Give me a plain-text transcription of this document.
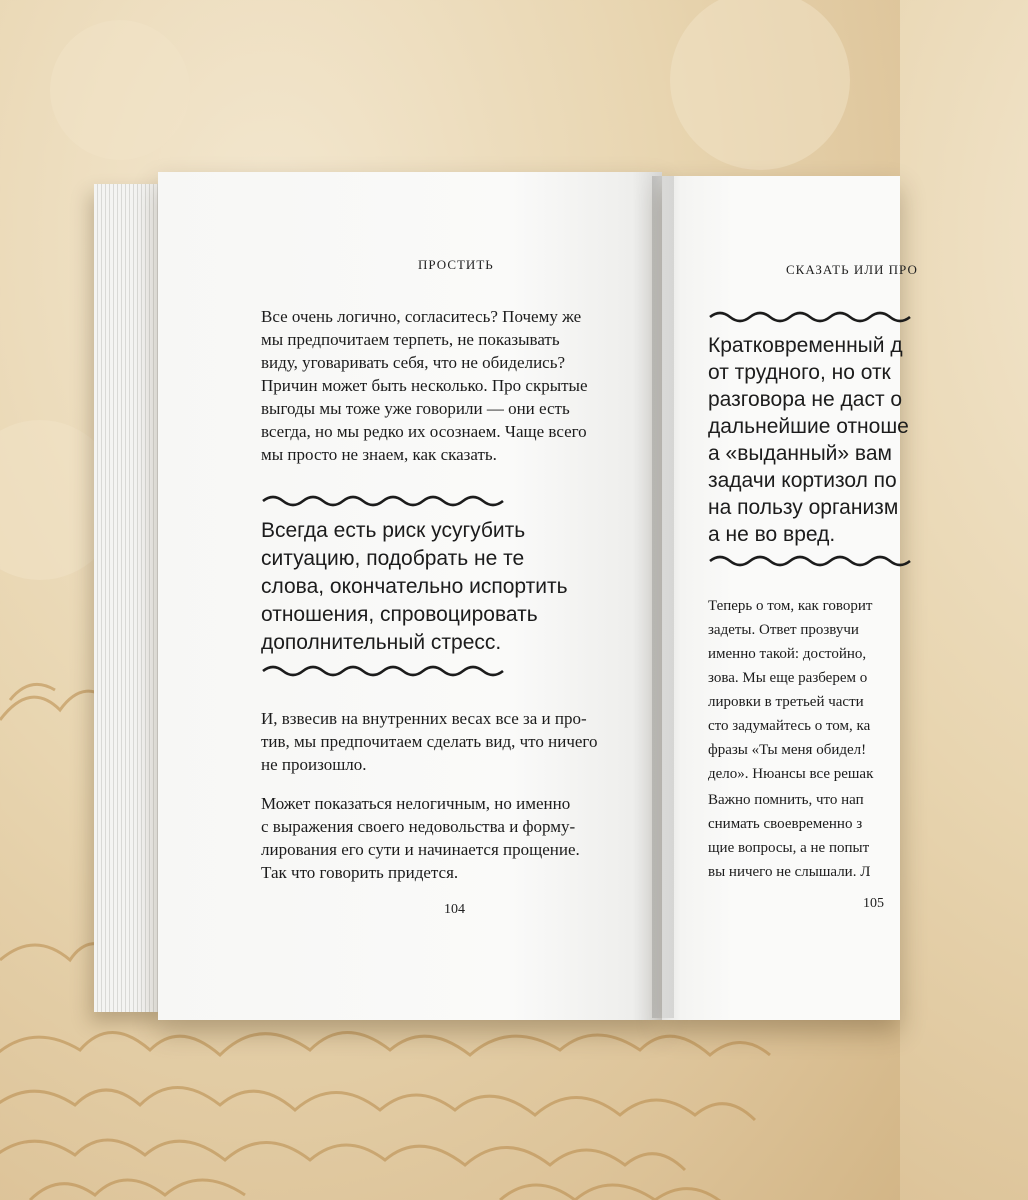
ПРОСТИТЬ
Все очень логично, согласитесь? Почему же
мы предпочитаем терпеть, не показывать
виду, уговаривать себя, что не обиделись?
Причин может быть несколько. Про скрытые
выгоды мы тоже уже говорили — они есть
всегда, но мы редко их осознаем. Чаще всего
мы просто не знаем, как сказать.
Всегда есть риск усугубить
ситуацию, подобрать не те
слова, окончательно испортить
отношения, спровоцировать
дополнительный стресс.
И, взвесив на внутренних весах все за и про-
тив, мы предпочитаем сделать вид, что ничего
не произошло.
Может показаться нелогичным, но именно
с выражения своего недовольства и форму-
лирования его сути и начинается прощение.
Так что говорить придется.
104
СКАЗАТЬ ИЛИ ПРО
Кратковременный д
от трудного, но отк
разговора не даст о
дальнейшие отноше
а «выданный» вам
задачи кортизол по
на пользу организм
а не во вред.
Теперь о том, как говорит
задеты. Ответ прозвучи
именно такой: достойно,
зова. Мы еще разберем о
лировки в третьей части
сто задумайтесь о том, ка
фразы «Ты меня обидел!
дело». Нюансы все решак
Важно помнить, что нап
снимать своевременно з
щие вопросы, а не попыт
вы ничего не слышали. Л
105
